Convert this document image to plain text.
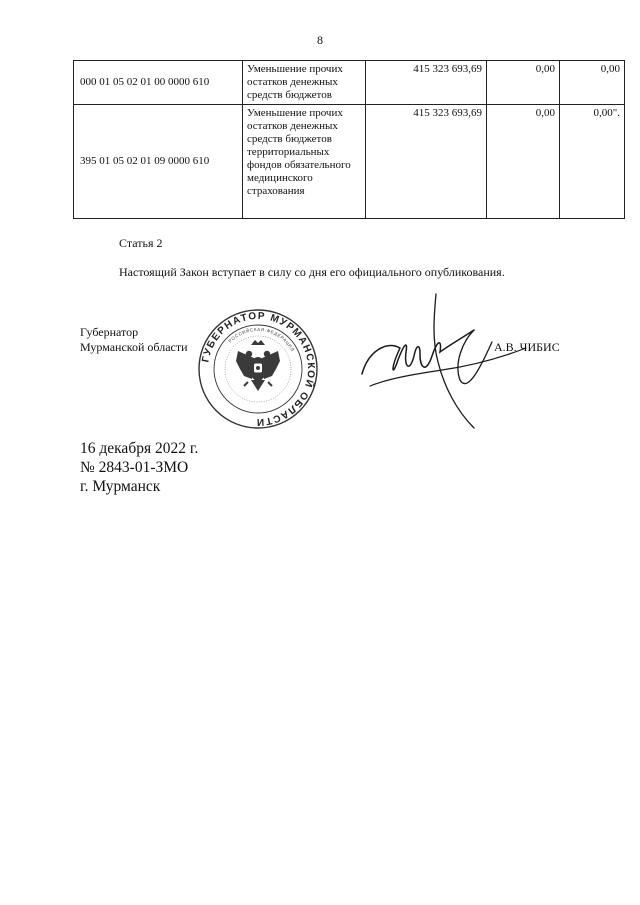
8
000 01 05 02 01 00 0000 610	Уменьшение прочих остатков денежных средств бюджетов	415 323 693,69	0,00	0,00
395 01 05 02 01 09 0000 610	Уменьшение прочих остатков денежных средств бюджетов территориальных фондов обязательного медицинского страхования	415 323 693,69	0,00	0,00".
Статья 2
Настоящий Закон вступает в силу со дня его официального опубликования.
Губернатор
Мурманской области
ГУБЕРНАТОР МУРМАНСКОЙ ОБЛАСТИ
РОССИЙСКАЯ ФЕДЕРАЦИЯ	А.В. ЧИБИС
16 декабря 2022 г.
№ 2843-01-ЗМО
г. Мурманск
